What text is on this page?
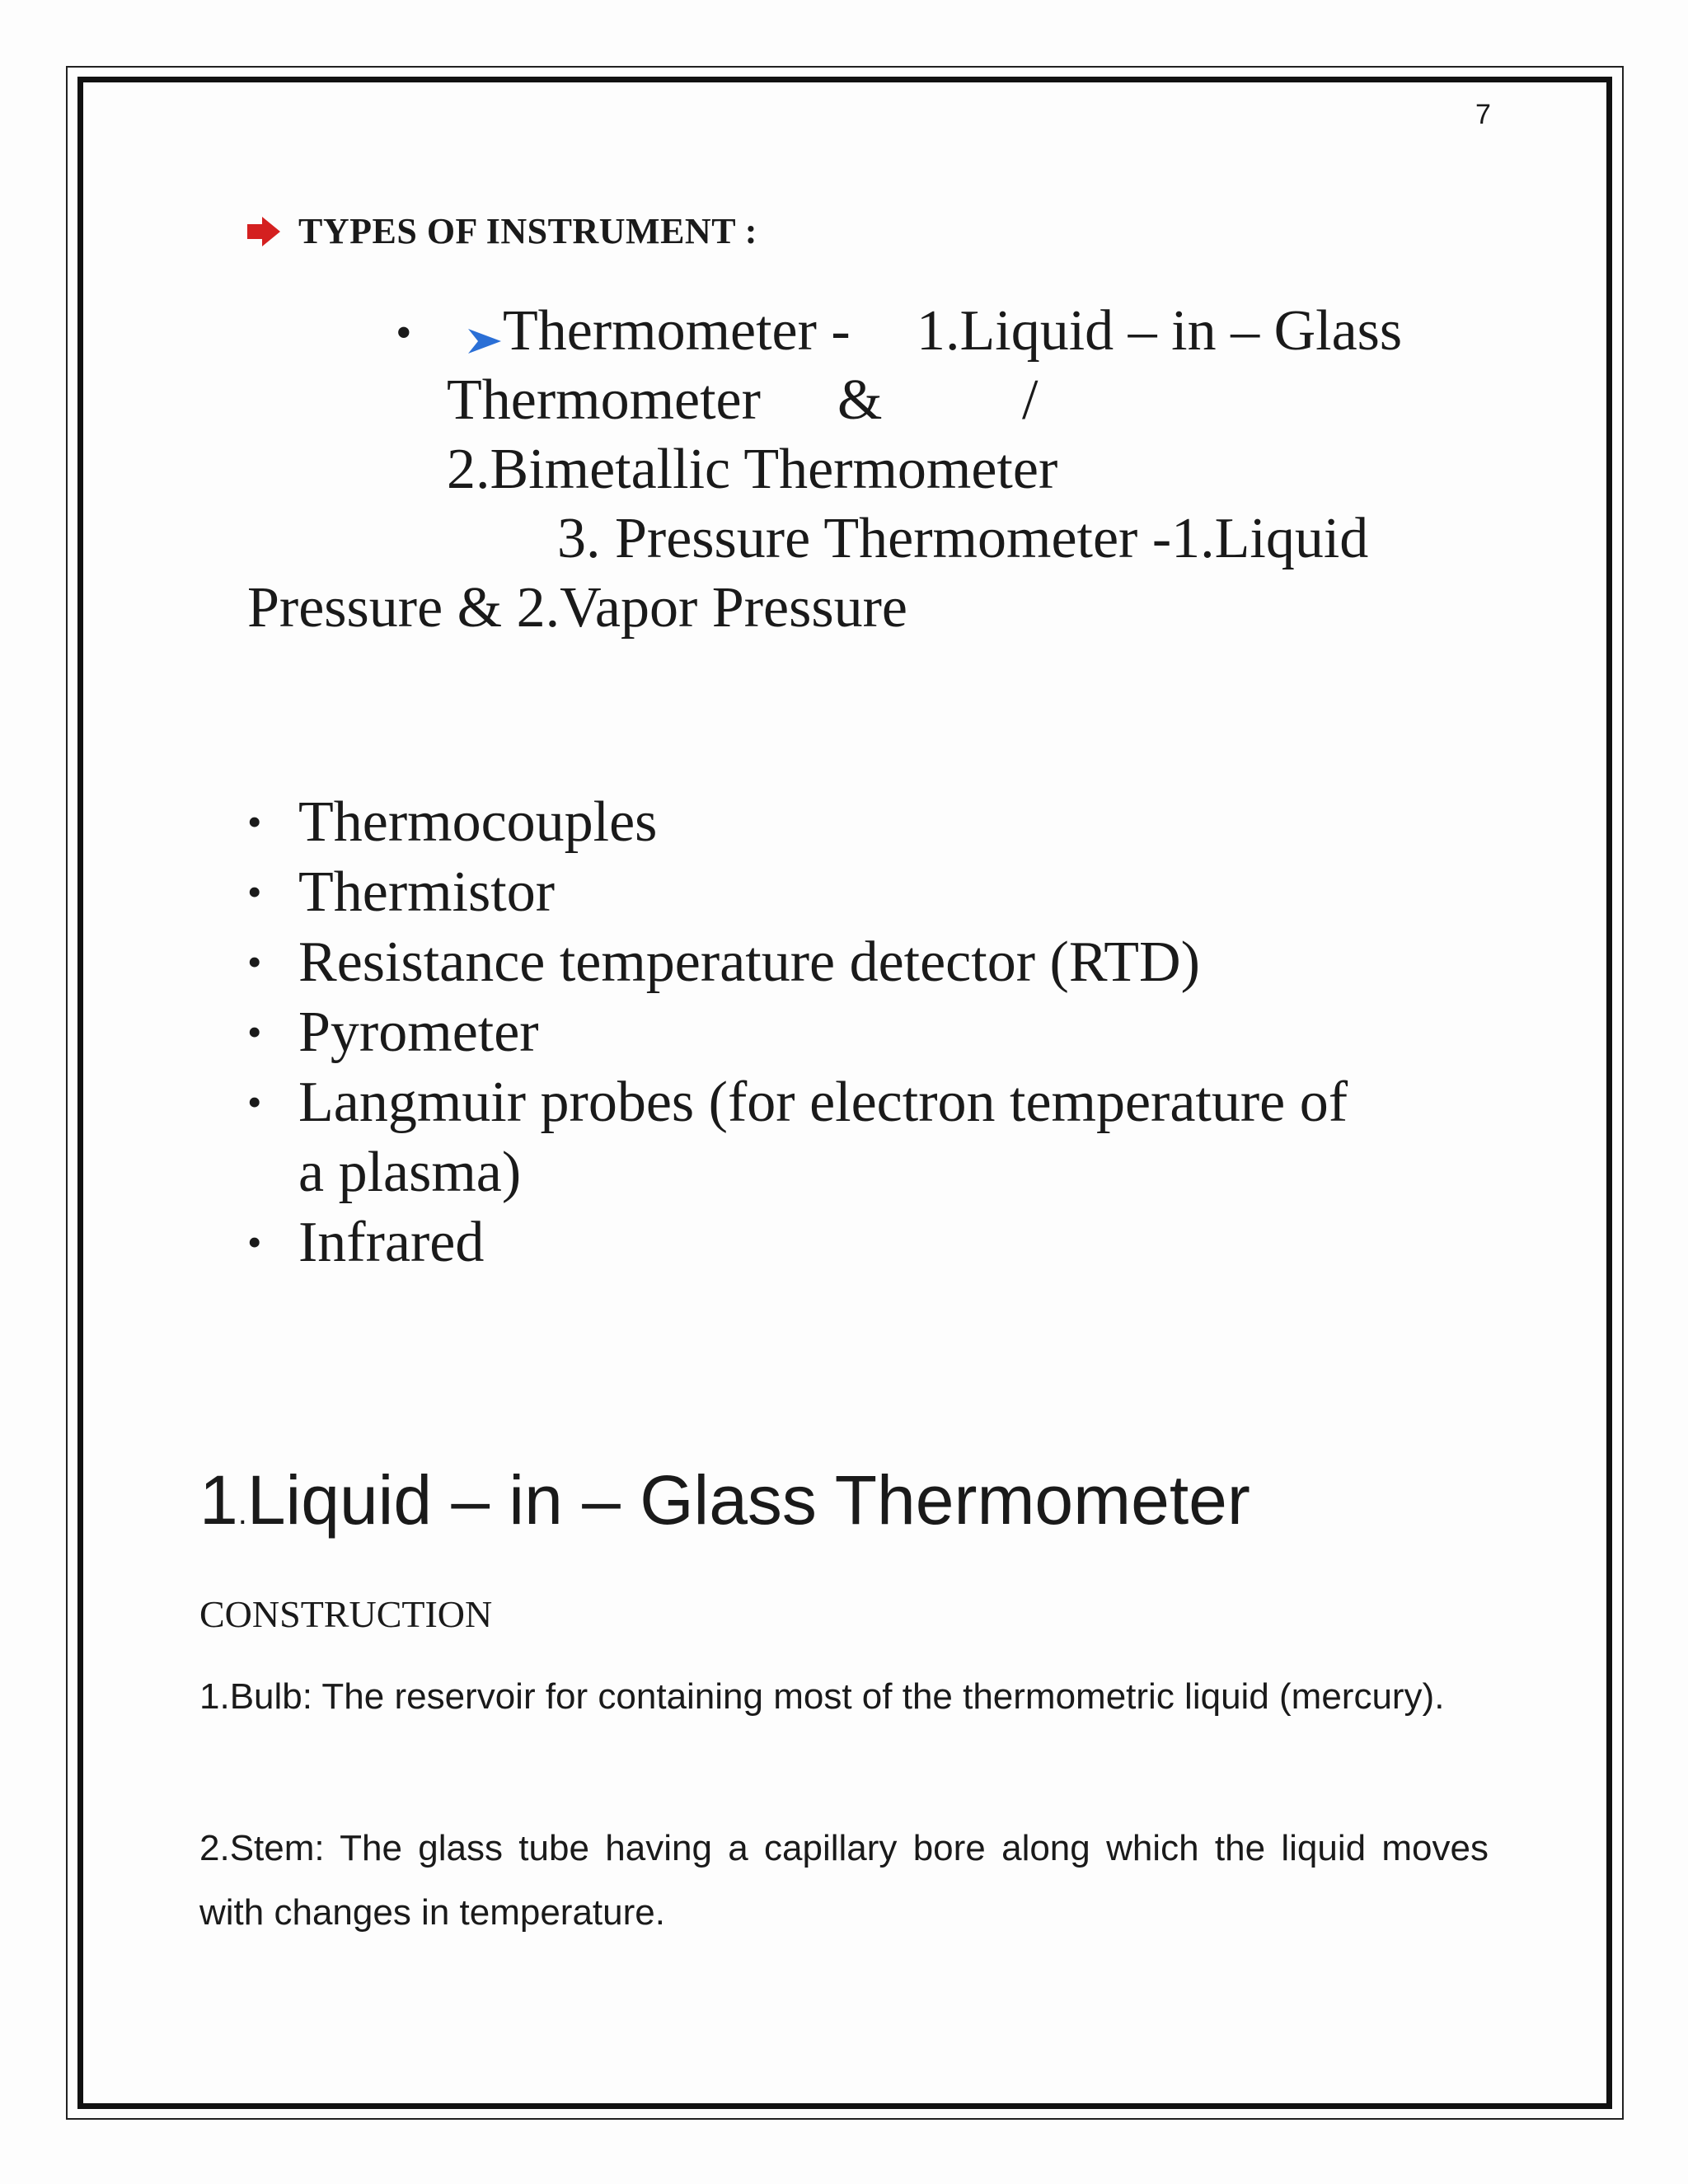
7
TYPES OF INSTRUMENT :
• Thermometer - 1.Liquid – in – Glass
Thermometer & /
2.Bimetallic Thermometer
3. Pressure Thermometer -1.Liquid
Pressure & 2.Vapor Pressure
• Thermocouples
• Thermistor
• Resistance temperature detector (RTD)
• Pyrometer
• Langmuir probes (for electron temperature of
a plasma)
• Infrared
1.Liquid – in – Glass Thermometer
CONSTRUCTION
1.Bulb: The reservoir for containing most of the thermometric liquid (mercury).
2.Stem: The glass tube having a capillary bore along which the liquid moves with changes in temperature.
